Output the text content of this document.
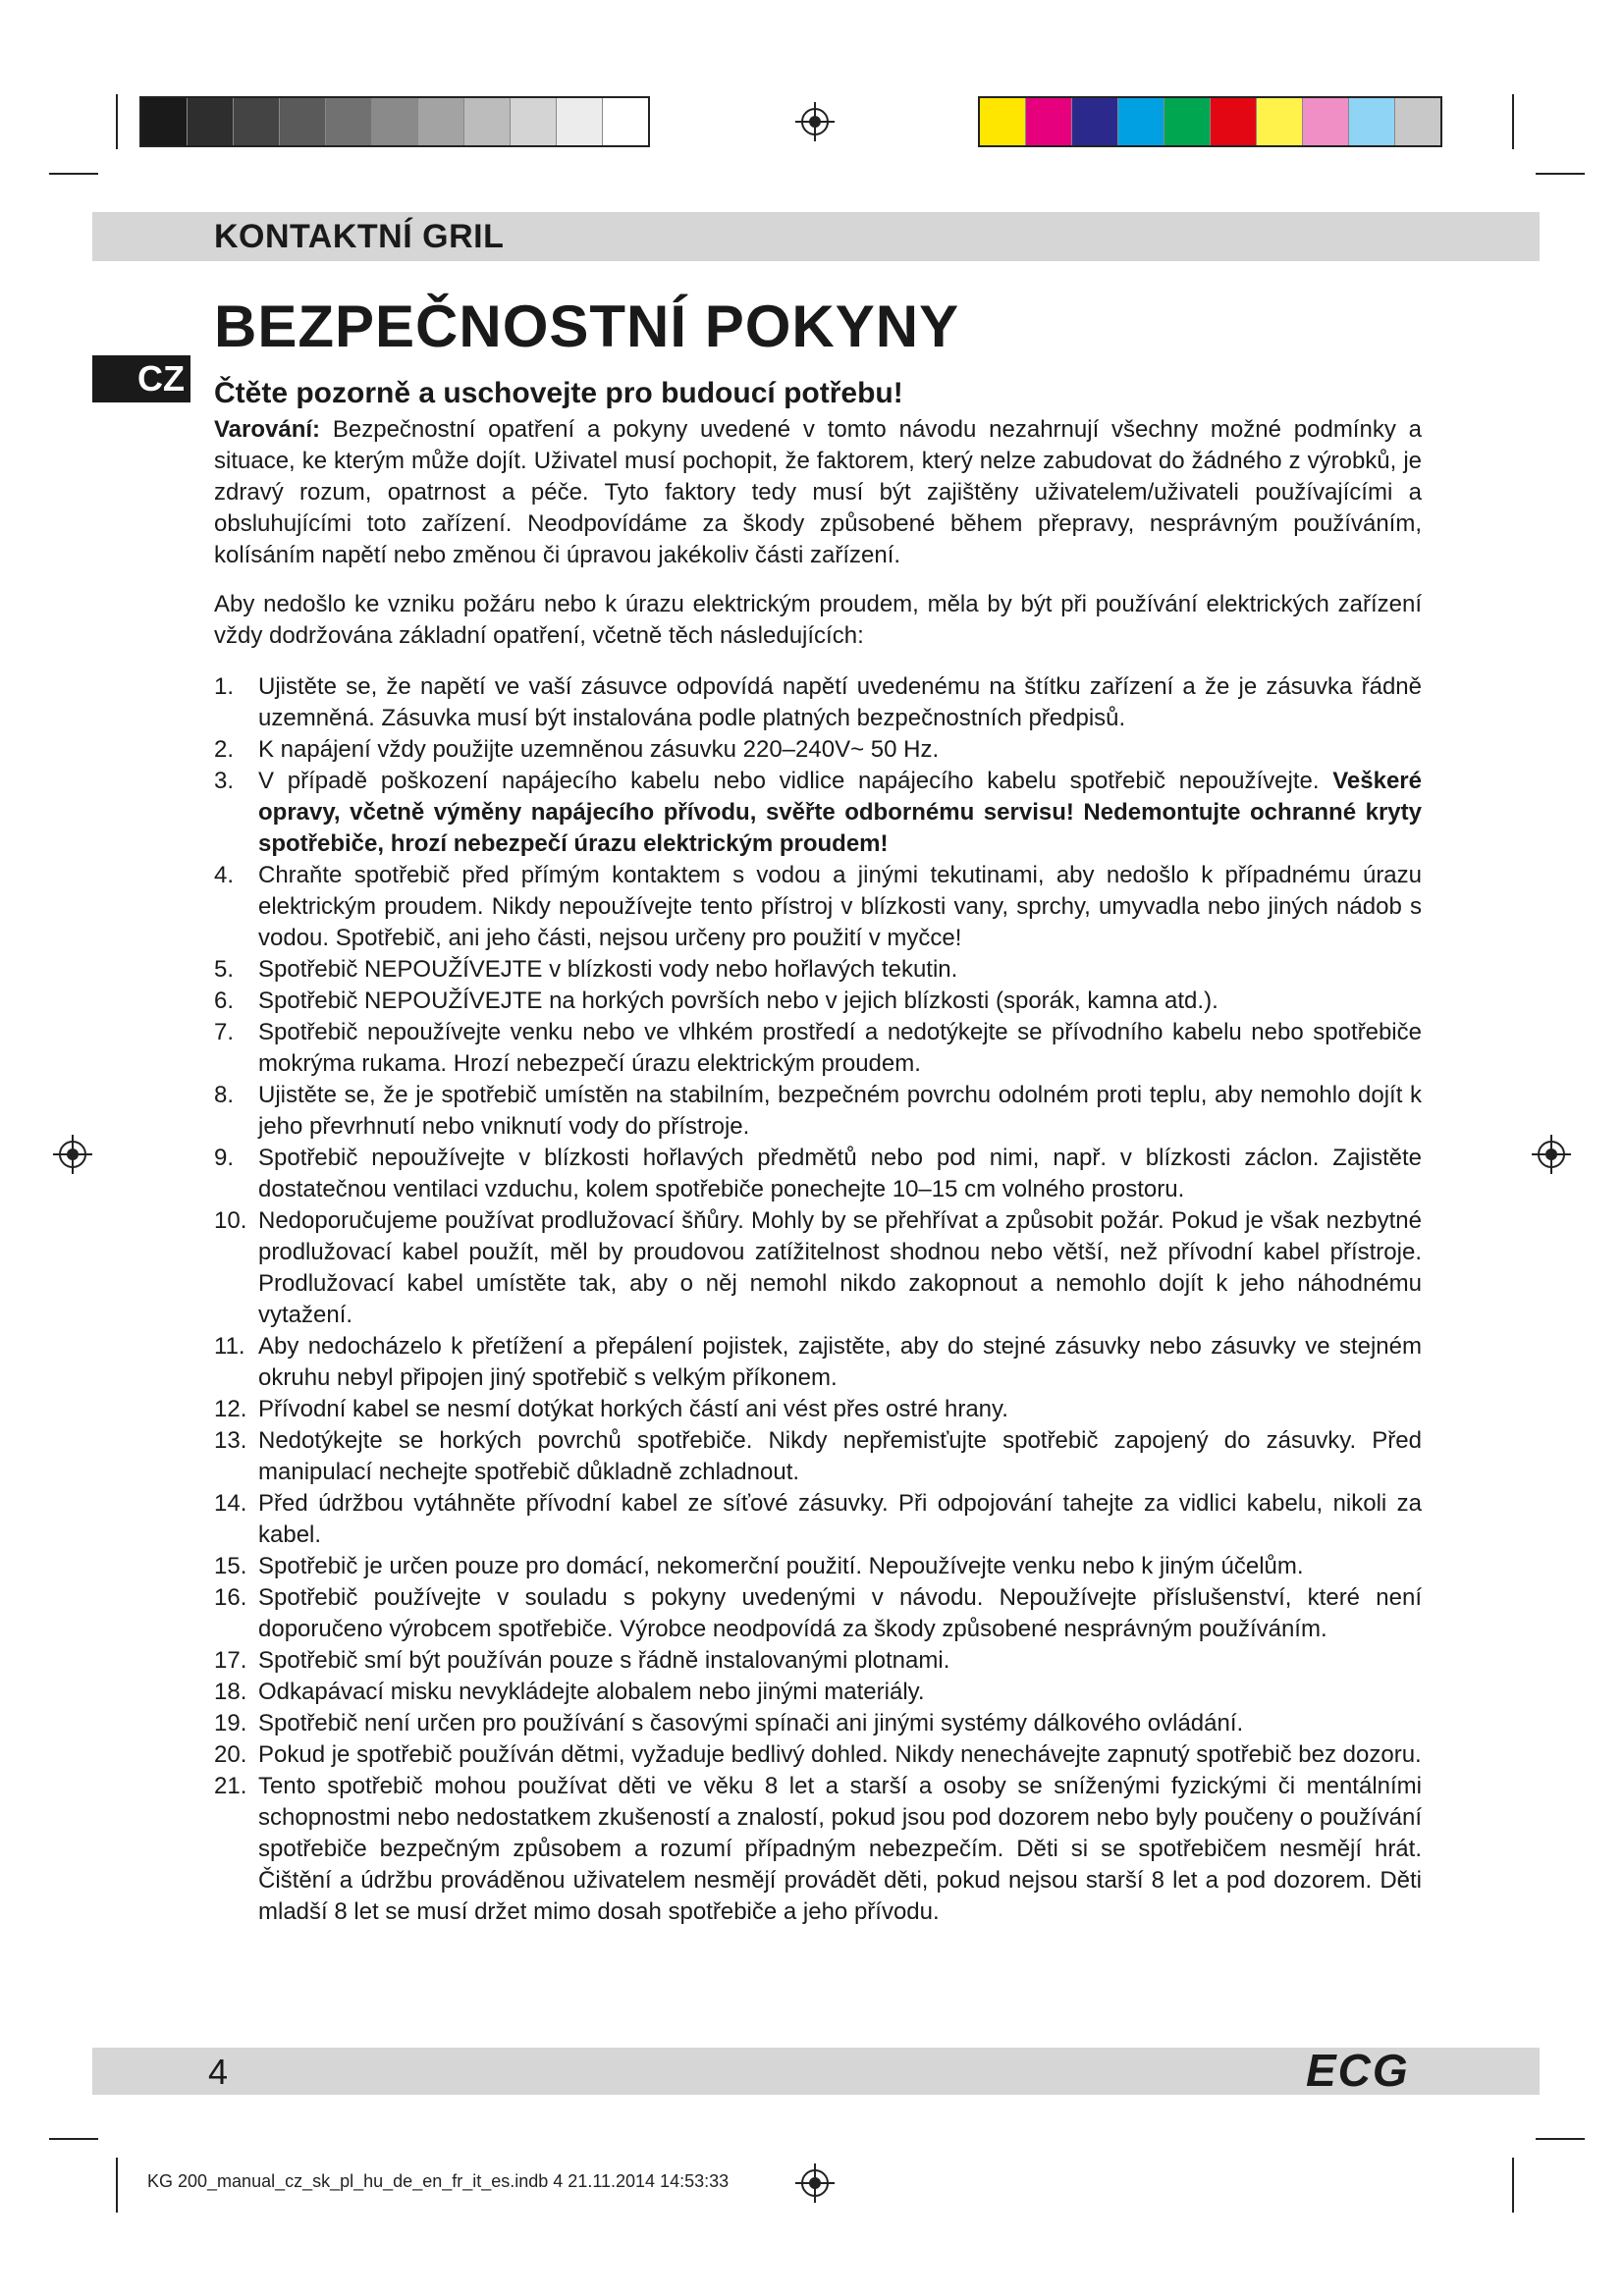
KONTAKTNÍ GRIL
BEZPEČNOSTNÍ POKYNY
CZ Čtěte pozorně a uschovejte pro budoucí potřebu!

Varování: Bezpečnostní opatření a pokyny uvedené v tomto návodu nezahrnují všechny možné podmínky a situace, ke kterým může dojít. Uživatel musí pochopit, že faktorem, který nelze zabudovat do žádného z výrobků, je zdravý rozum, opatrnost a péče. Tyto faktory tedy musí být zajištěny uživatelem/uživateli používajícími a obsluhujícími toto zařízení. Neodpovídáme za škody způsobené během přepravy, nesprávným používáním, kolísáním napětí nebo změnou či úpravou jakékoliv části zařízení.

Aby nedošlo ke vzniku požáru nebo k úrazu elektrickým proudem, měla by být při používání elektrických zařízení vždy dodržována základní opatření, včetně těch následujících:

1. Ujistěte se, že napětí ve vaší zásuvce odpovídá napětí uvedenému na štítku zařízení a že je zásuvka řádně uzemněná. Zásuvka musí být instalována podle platných bezpečnostních předpisů.
2. K napájení vždy použijte uzemněnou zásuvku 220–240V~ 50 Hz.
3. V případě poškození napájecího kabelu nebo vidlice napájecího kabelu spotřebič nepoužívejte. Veškeré opravy, včetně výměny napájecího přívodu, svěřte odbornému servisu! Nedemontujte ochranné kryty spotřebiče, hrozí nebezpečí úrazu elektrickým proudem!
4. Chraňte spotřebič před přímým kontaktem s vodou a jinými tekutinami, aby nedošlo k případnému úrazu elektrickým proudem. Nikdy nepoužívejte tento přístroj v blízkosti vany, sprchy, umyvadla nebo jiných nádob s vodou. Spotřebič, ani jeho části, nejsou určeny pro použití v myčce!
5. Spotřebič NEPOUŽÍVEJTE v blízkosti vody nebo hořlavých tekutin.
6. Spotřebič NEPOUŽÍVEJTE na horkých površích nebo v jejich blízkosti (sporák, kamna atd.).
7. Spotřebič nepoužívejte venku nebo ve vlhkém prostředí a nedotýkejte se přívodního kabelu nebo spotřebiče mokrýma rukama. Hrozí nebezpečí úrazu elektrickým proudem.
8. Ujistěte se, že je spotřebič umístěn na stabilním, bezpečném povrchu odolném proti teplu, aby nemohlo dojít k jeho převrhnutí nebo vniknutí vody do přístroje.
9. Spotřebič nepoužívejte v blízkosti hořlavých předmětů nebo pod nimi, např. v blízkosti záclon. Zajistěte dostatečnou ventilaci vzduchu, kolem spotřebiče ponechejte 10–15 cm volného prostoru.
10. Nedoporučujeme používat prodlužovací šňůry. Mohly by se přehřívat a způsobit požár. Pokud je však nezbytné prodlužovací kabel použít, měl by proudovou zatížitelnost shodnou nebo větší, než přívodní kabel přístroje. Prodlužovací kabel umístěte tak, aby o něj nemohl nikdo zakopnout a nemohlo dojít k jeho náhodnému vytažení.
11. Aby nedocházelo k přetížení a přepálení pojistek, zajistěte, aby do stejné zásuvky nebo zásuvky ve stejném okruhu nebyl připojen jiný spotřebič s velkým příkonem.
12. Přívodní kabel se nesmí dotýkat horkých částí ani vést přes ostré hrany.
13. Nedotýkejte se horkých povrchů spotřebiče. Nikdy nepřemisťujte spotřebič zapojený do zásuvky. Před manipulací nechejte spotřebič důkladně zchladnout.
14. Před údržbou vytáhněte přívodní kabel ze síťové zásuvky. Při odpojování tahejte za vidlici kabelu, nikoli za kabel.
15. Spotřebič je určen pouze pro domácí, nekomerční použití. Nepoužívejte venku nebo k jiným účelům.
16. Spotřebič používejte v souladu s pokyny uvedenými v návodu. Nepoužívejte příslušenství, které není doporučeno výrobcem spotřebiče. Výrobce neodpovídá za škody způsobené nesprávným používáním.
17. Spotřebič smí být používán pouze s řádně instalovanými plotnami.
18. Odkapávací misku nevykládejte alobalem nebo jinými materiály.
19. Spotřebič není určen pro používání s časovými spínači ani jinými systémy dálkového ovládání.
20. Pokud je spotřebič používán dětmi, vyžaduje bedlivý dohled. Nikdy nenechávejte zapnutý spotřebič bez dozoru.
21. Tento spotřebič mohou používat děti ve věku 8 let a starší a osoby se sníženými fyzickými či mentálními schopnostmi nebo nedostatkem zkušeností a znalostí, pokud jsou pod dozorem nebo byly poučeny o používání spotřebiče bezpečným způsobem a rozumí případným nebezpečím. Děti si se spotřebičem nesmějí hrát. Čištění a údržbu prováděnou uživatelem nesmějí provádět děti, pokud nejsou starší 8 let a pod dozorem. Děti mladší 8 let se musí držet mimo dosah spotřebiče a jeho přívodu.
4	ECG
KG 200_manual_cz_sk_pl_hu_de_en_fr_it_es.indb 4 21.11.2014 14:53:33
